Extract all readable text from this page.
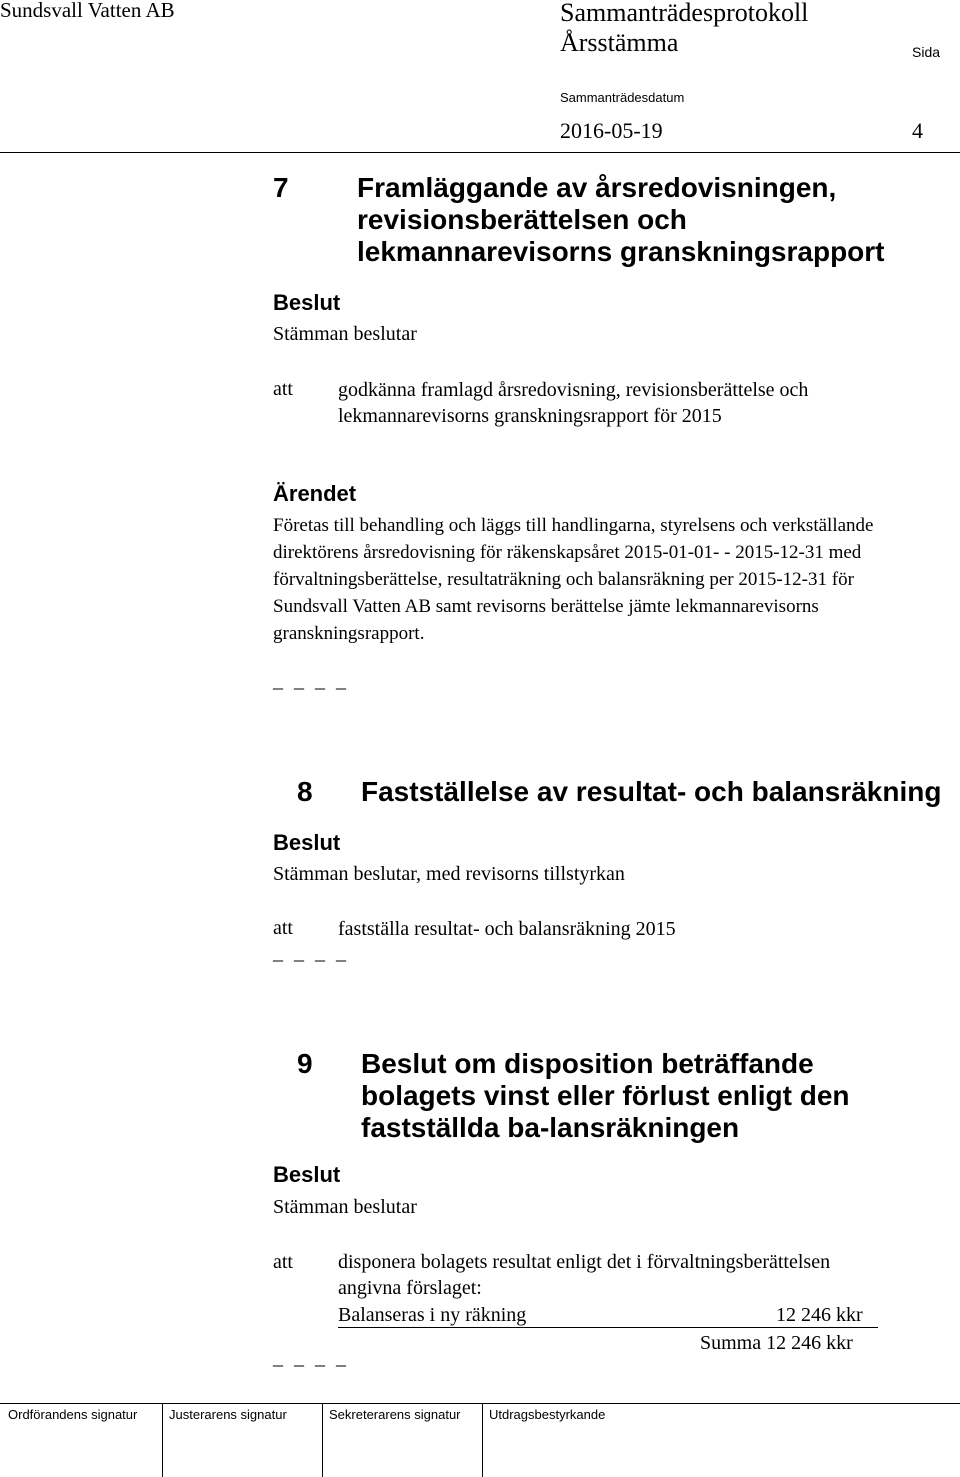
Sundsvall Vatten AB	Sammanträdesprotokoll
Årsstämma	Sida
Sammanträdesdatum
2016-05-19	4
7 Framläggande av årsredovisningen, revisionsberättelsen och lekmannarevisorns granskningsrapport
Beslut
Stämman beslutar
att godkänna framlagd årsredovisning, revisionsberättelse och lekmannarevisorns granskningsrapport för 2015
Ärendet
Företas till behandling och läggs till handlingarna, styrelsens och verkställande direktörens årsredovisning för räkenskapsåret 2015-01-01- - 2015-12-31 med förvaltningsberättelse, resultaträkning och balansräkning per 2015-12-31 för Sundsvall Vatten AB samt revisorns berättelse jämte lekmannarevisorns granskningsrapport.
_ _ _ _
8 Fastställelse av resultat- och balansräkning
Beslut
Stämman beslutar, med revisorns tillstyrkan
att fastställa resultat- och balansräkning 2015
_ _ _ _
9 Beslut om disposition beträffande bolagets vinst eller förlust enligt den fastställda ba-lansräkningen
Beslut
Stämman beslutar
att disponera bolagets resultat enligt det i förvaltningsberättelsen
angivna förslaget:
Balanseras i ny räkning	12 246 kkr
Summa 12 246 kkr
_ _ _ _
Ordförandens signatur Justerarens signatur	Sekreterarens signatur Utdragsbestyrkande
